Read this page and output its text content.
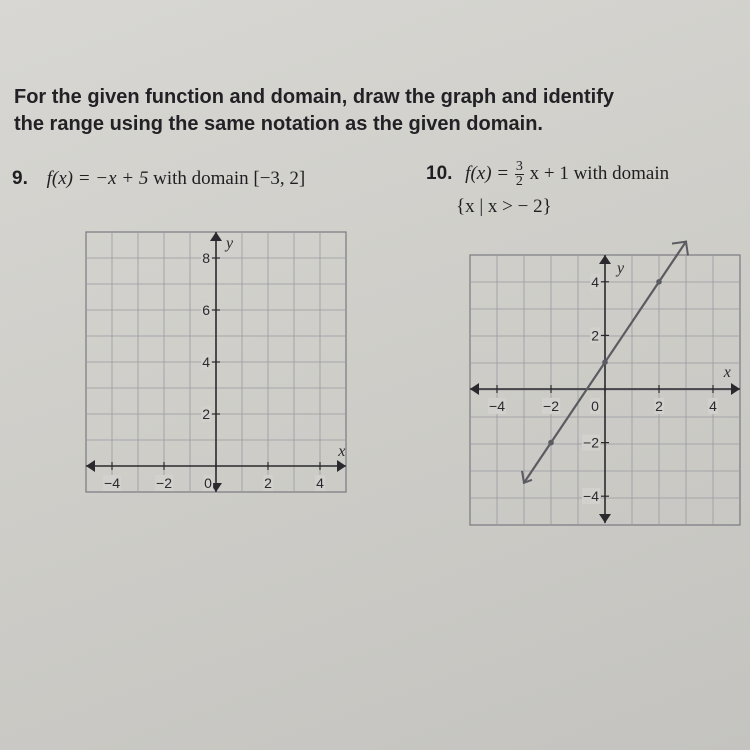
For the given function and domain, draw the graph and identify
the range using the same notation as the given domain.
9. f(x) = −x + 5 with domain [−3, 2]	10. $f(x) = \frac{3}{2}$ x + 1 with domain
{x | x > − 2}
−4	−2 0	2	4
8
6
4
2
x
y
−4	−2 0	2	4
4
2
−2
−4
x
y
